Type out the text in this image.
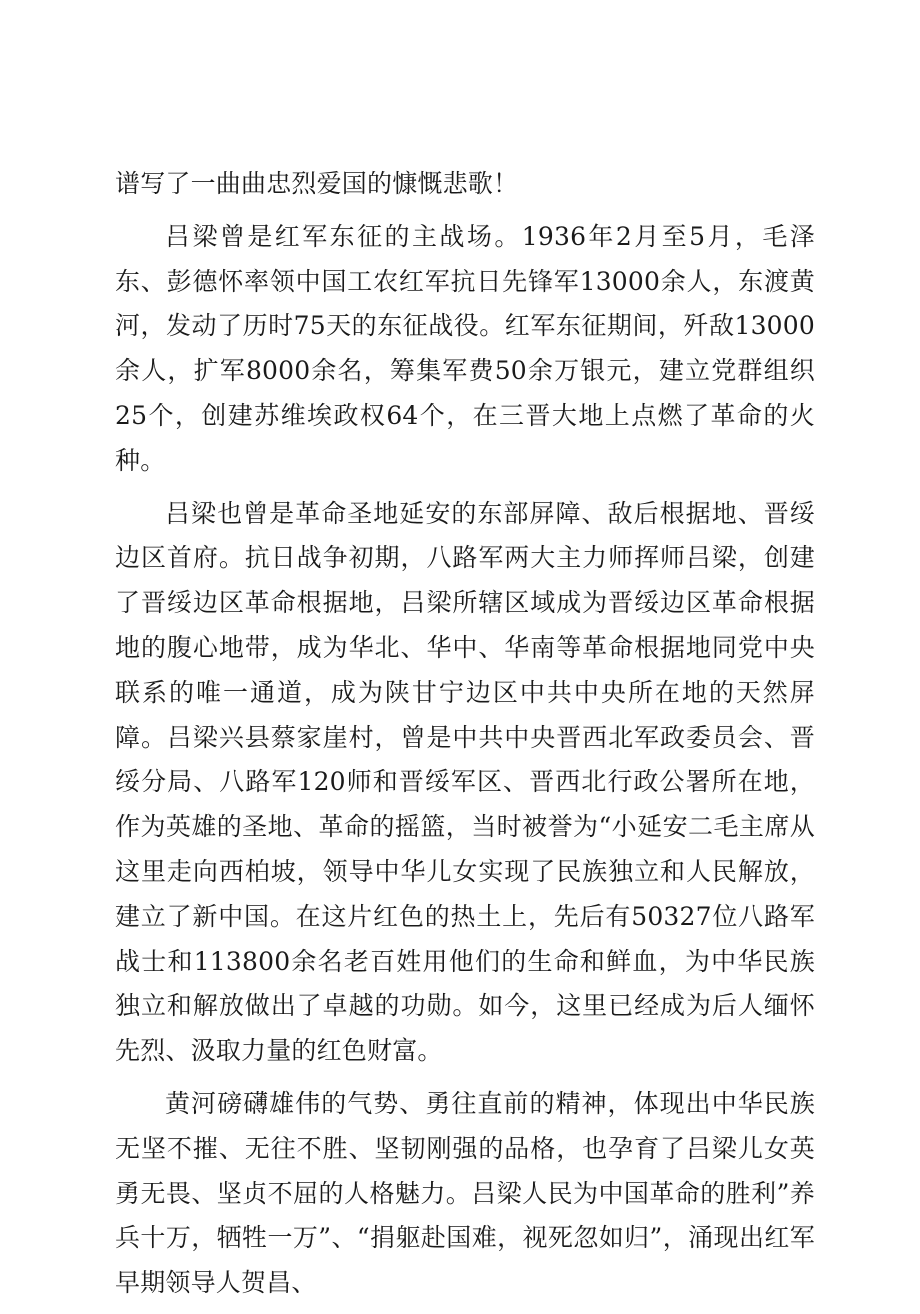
谱写了一曲曲忠烈爱国的慷慨悲歌！

吕梁曾是红军东征的主战场。1936年2月至5月，毛泽东、彭德怀率领中国工农红军抗日先锋军13000余人，东渡黄河，发动了历时75天的东征战役。红军东征期间，歼敌13000余人，扩军8000余名，筹集军费50余万银元，建立党群组织25个，创建苏维埃政权64个，在三晋大地上点燃了革命的火种。

吕梁也曾是革命圣地延安的东部屏障、敌后根据地、晋绥边区首府。抗日战争初期，八路军两大主力师挥师吕梁，创建了晋绥边区革命根据地，吕梁所辖区域成为晋绥边区革命根据地的腹心地带，成为华北、华中、华南等革命根据地同党中央联系的唯一通道，成为陕甘宁边区中共中央所在地的天然屏障。吕梁兴县蔡家崖村，曾是中共中央晋西北军政委员会、晋绥分局、八路军120师和晋绥军区、晋西北行政公署所在地，作为英雄的圣地、革命的摇篮，当时被誉为“小延安二毛主席从这里走向西柏坡，领导中华儿女实现了民族独立和人民解放，建立了新中国。在这片红色的热土上，先后有50327位八路军战士和113800余名老百姓用他们的生命和鲜血，为中华民族独立和解放做出了卓越的功勋。如今，这里已经成为后人缅怀先烈、汲取力量的红色财富。

黄河磅礴雄伟的气势、勇往直前的精神，体现出中华民族无坚不摧、无往不胜、坚韧刚强的品格，也孕育了吕梁儿女英勇无畏、坚贞不屈的人格魅力。吕梁人民为中国革命的胜利”养兵十万，牺牲一万”、“捐躯赴国难，视死忽如归”，涌现出红军早期领导人贺昌、
